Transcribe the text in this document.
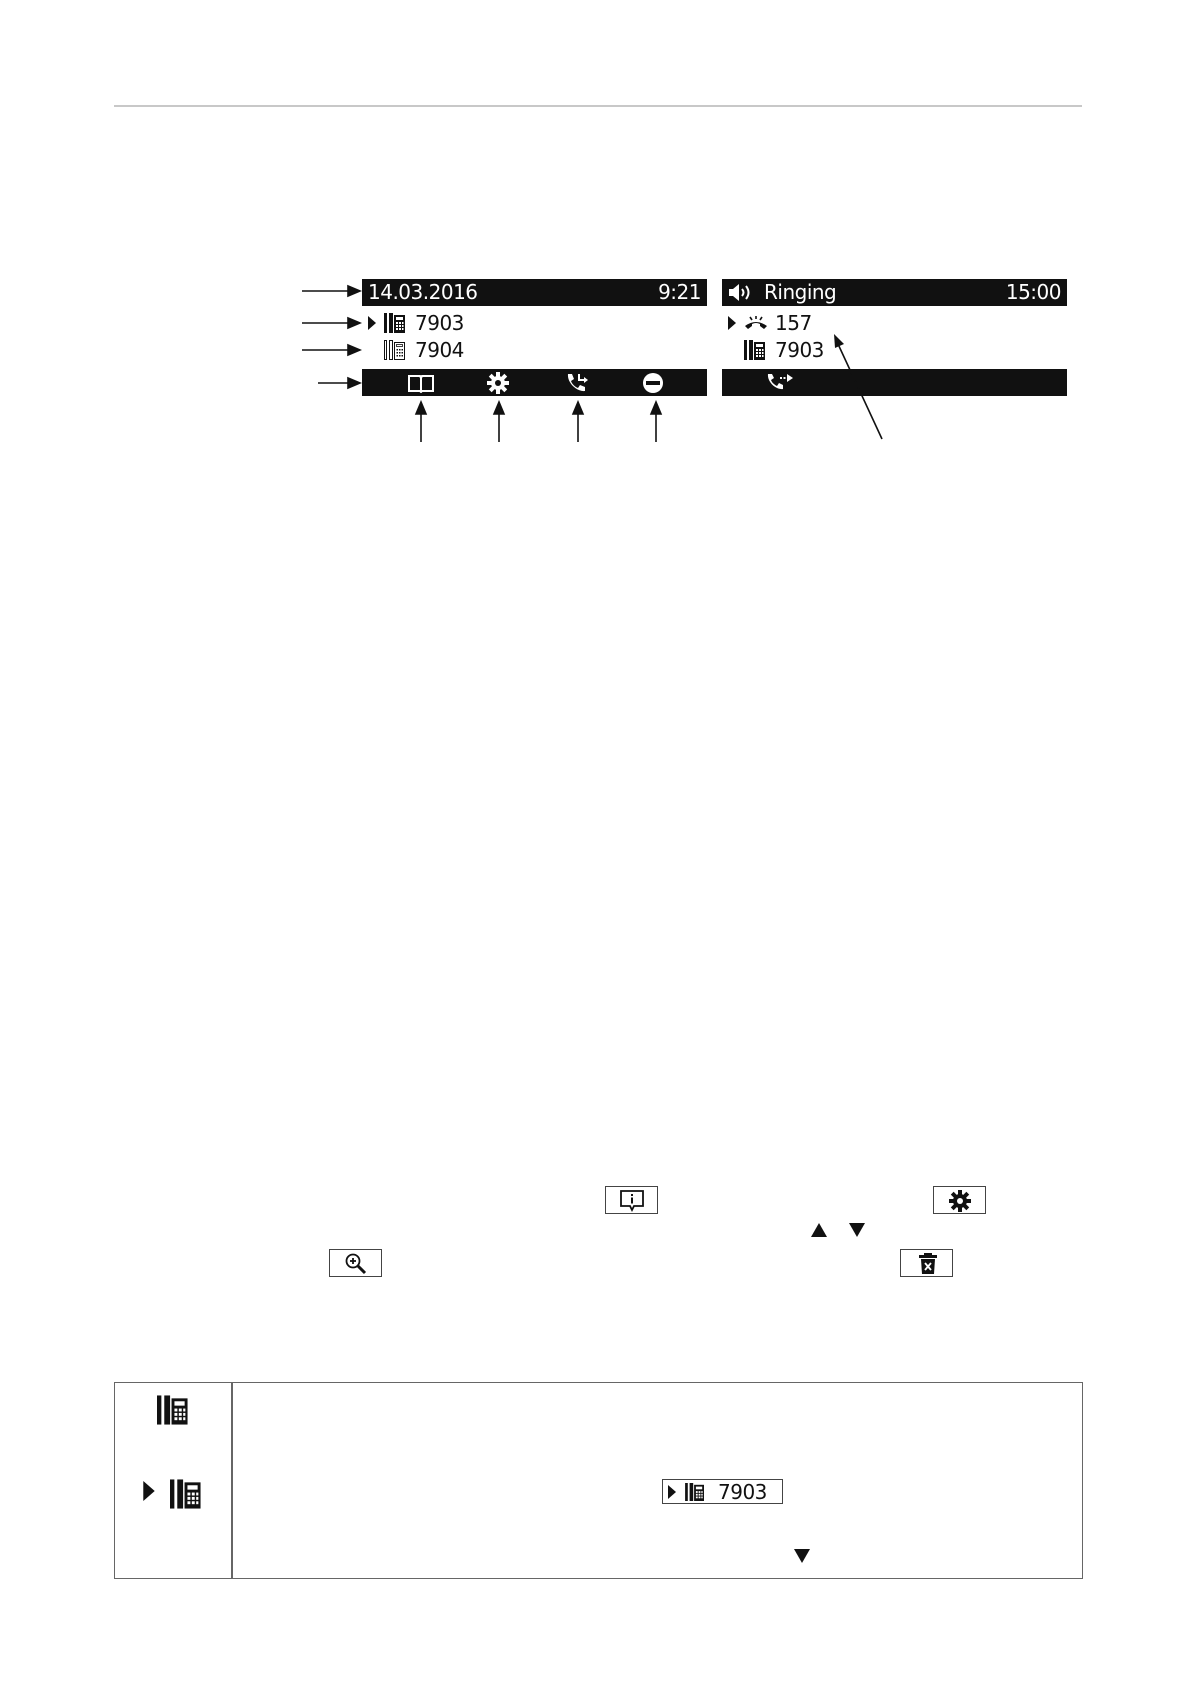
14.03.2016	9:21
7903
7904
Ringing	15:00
157
7903
7903
